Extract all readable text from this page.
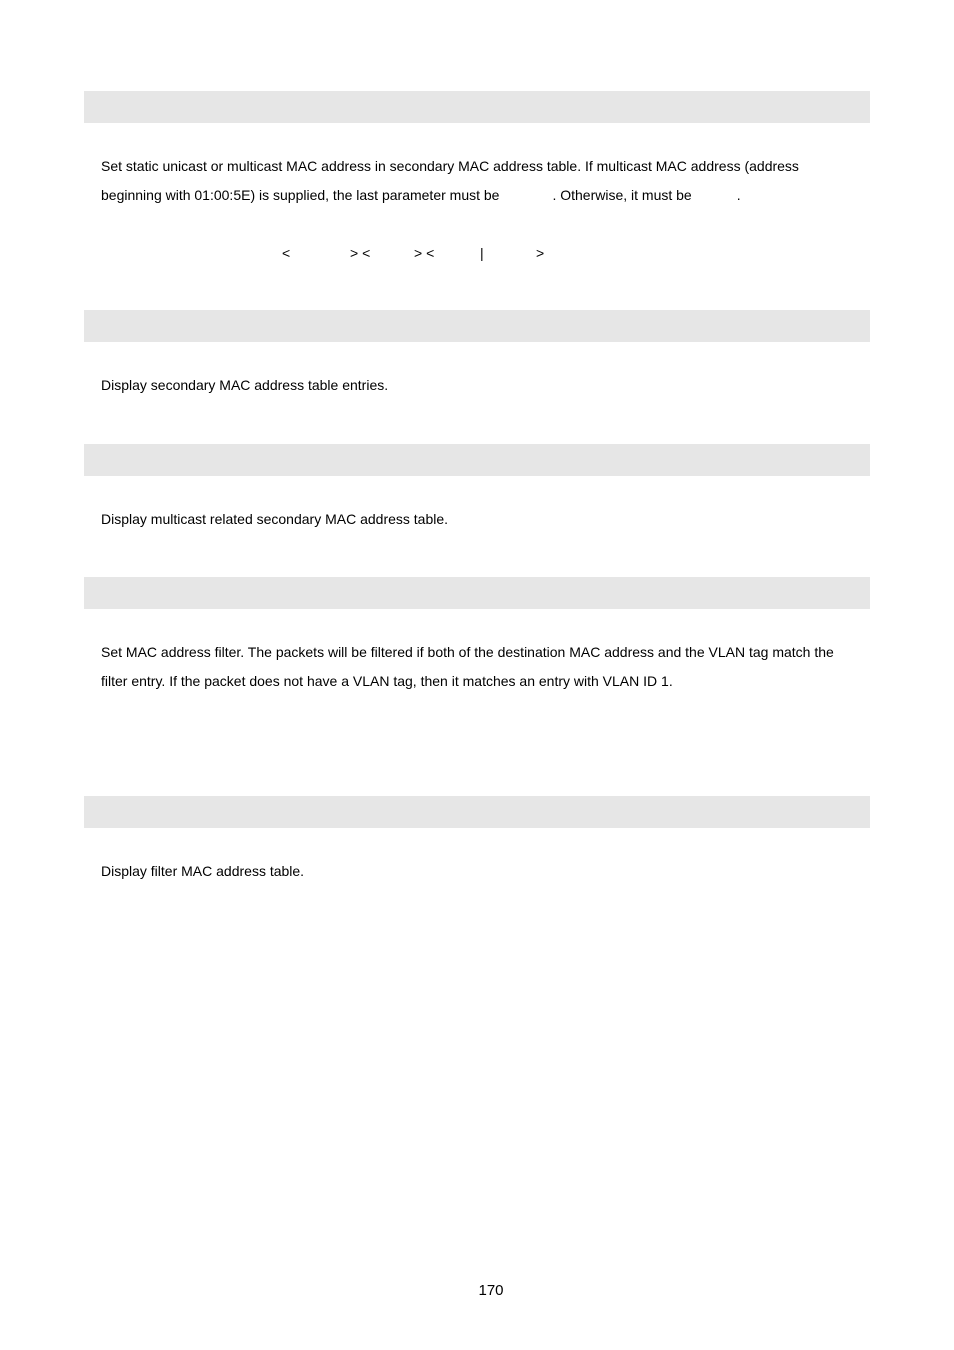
Set static unicast or multicast MAC address in secondary MAC address table. If multicast MAC address (address
beginning with 01:00:5E) is supplied, the last parameter must be	. Otherwise, it must be	.

<	> <	> <	|	>

Display secondary MAC address table entries.

Display multicast related secondary MAC address table.

Set MAC address filter. The packets will be filtered if both of the destination MAC address and the VLAN tag match the
filter entry. If the packet does not have a VLAN tag, then it matches an entry with VLAN ID 1.

Display filter MAC address table.

170
